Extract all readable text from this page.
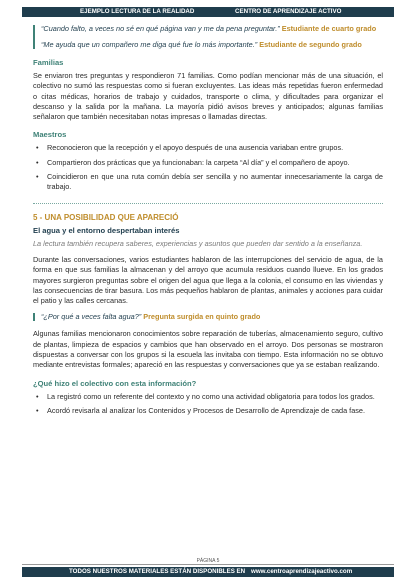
EJEMPLO LECTURA DE LA REALIDAD	CENTRO DE APRENDIZAJE ACTIVO
“Cuando falto, a veces no sé en qué página van y me da pena preguntar.” Estudiante de cuarto grado
“Me ayuda que un compañero me diga qué fue lo más importante.” Estudiante de segundo grado
Familias

Se enviaron tres preguntas y respondieron 71 familias. Como podían mencionar más de una situación, el colectivo no sumó las respuestas como si fueran excluyentes. Las ideas más repetidas fueron enfermedad o citas médicas, horarios de trabajo y cuidados, transporte o clima, y dificultades para organizar el descanso y la salida por la mañana. La mayoría pidió avisos breves y anticipados; algunas familias señalaron que también necesitaban notas impresas o llamadas directas.

Maestros
• Reconocieron que la recepción y el apoyo después de una ausencia variaban entre grupos.
• Compartieron dos prácticas que ya funcionaban: la carpeta “Al día” y el compañero de apoyo.
• Coincidieron en que una ruta común debía ser sencilla y no aumentar innecesariamente la carga de trabajo.
5 - UNA POSIBILIDAD QUE APARECIÓ
El agua y el entorno despertaban interés

La lectura también recupera saberes, experiencias y asuntos que pueden dar sentido a la enseñanza.

Durante las conversaciones, varios estudiantes hablaron de las interrupciones del servicio de agua, de la forma en que sus familias la almacenan y del arroyo que acumula residuos cuando llueve. En los grados mayores surgieron preguntas sobre el origen del agua que llega a la colonia, el consumo en las viviendas y las consecuencias de tirar basura. Los más pequeños hablaron de plantas, animales y acciones para cuidar el patio y las calles cercanas.

“¿Por qué a veces falta agua?” Pregunta surgida en quinto grado

Algunas familias mencionaron conocimientos sobre reparación de tuberías, almacenamiento seguro, cultivo de plantas, limpieza de espacios y cambios que han observado en el arroyo. Dos personas se mostraron dispuestas a conversar con los grupos si la escuela las invitaba con tiempo. Esta información no se obtuvo mediante entrevistas formales; apareció en las respuestas y conversaciones que ya se estaban realizando.

¿Qué hizo el colectivo con esta información?
• La registró como un referente del contexto y no como una actividad obligatoria para todos los grados.
• Acordó revisarla al analizar los Contenidos y Procesos de Desarrollo de Aprendizaje de cada fase.
PÁGINA 5
TODOS NUESTROS MATERIALES ESTÁN DISPONIBLES EN www.centroaprendizajeactivo.com
